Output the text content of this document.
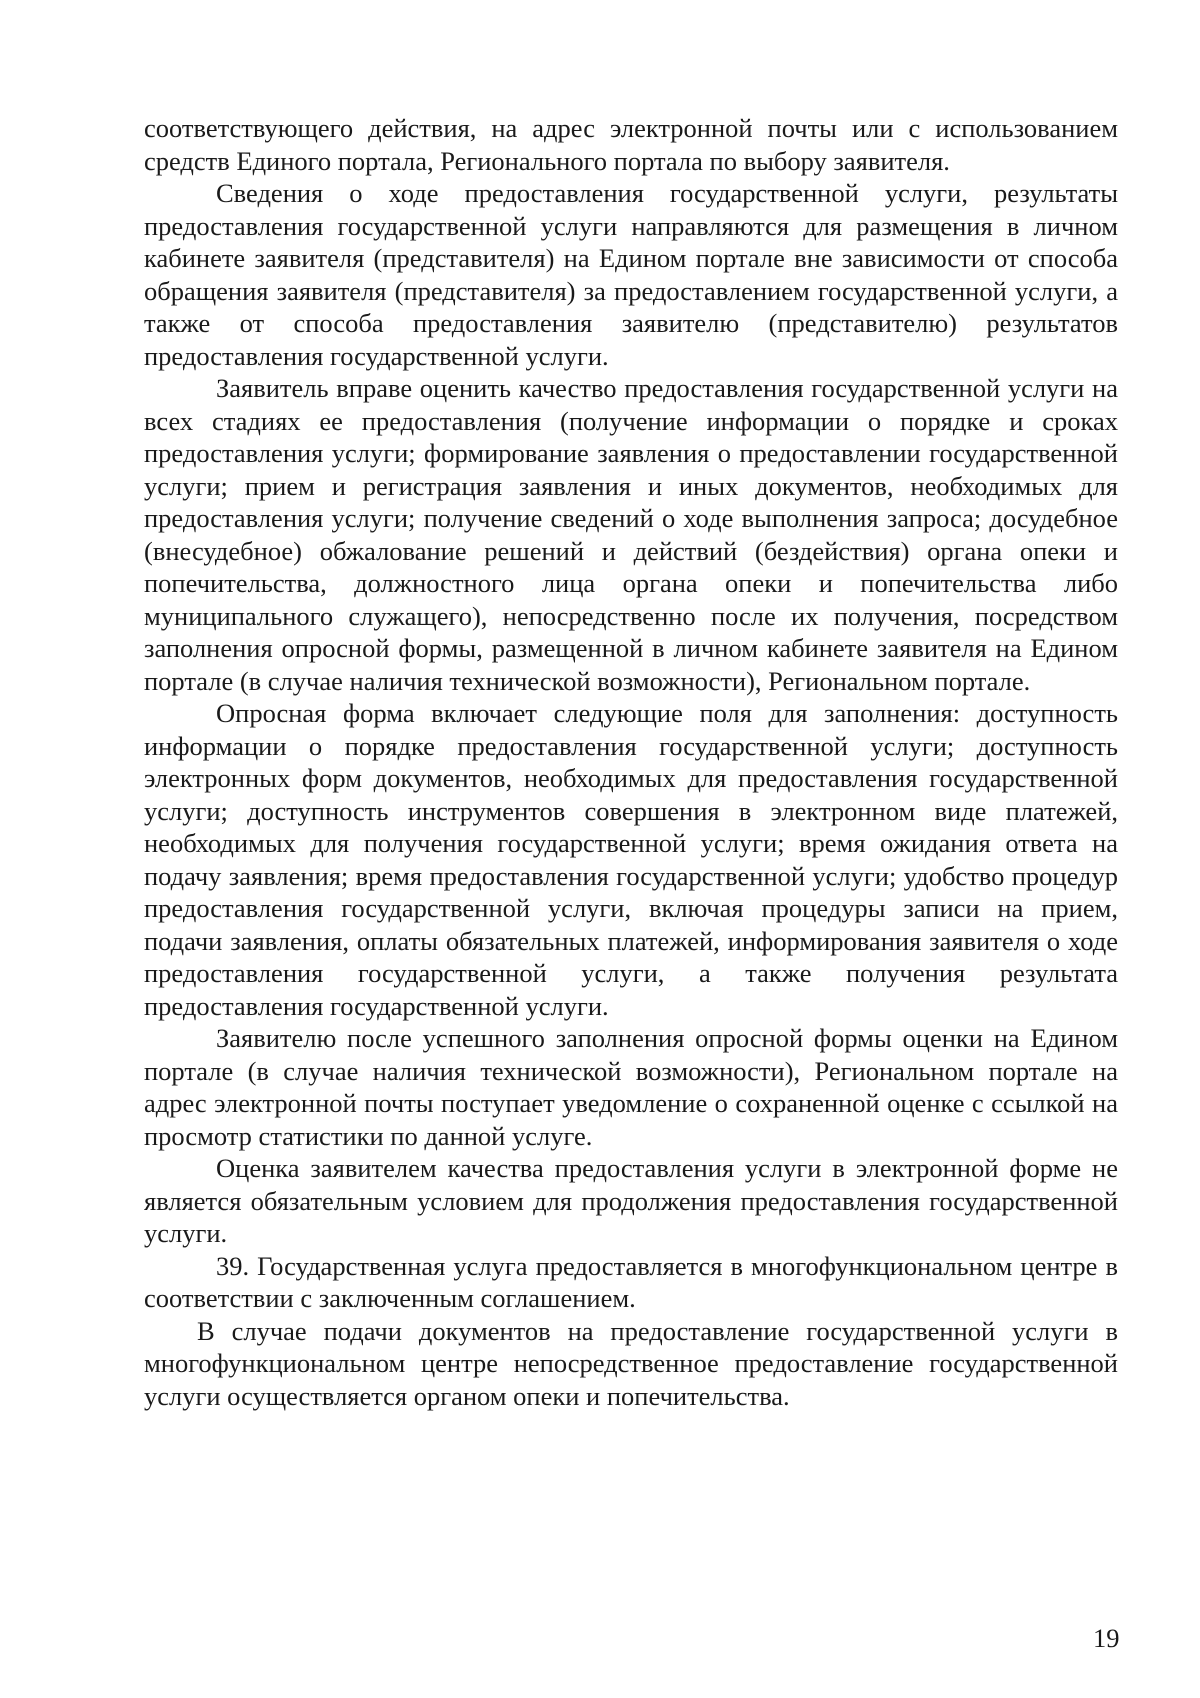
соответствующего действия, на адрес электронной почты или с использованием средств Единого портала, Регионального портала по выбору заявителя.

Сведения о ходе предоставления государственной услуги, результаты предоставления государственной услуги направляются для размещения в личном кабинете заявителя (представителя) на Едином портале вне зависимости от способа обращения заявителя (представителя) за предоставлением государственной услуги, а также от способа предоставления заявителю (представителю) результатов предоставления государственной услуги.

Заявитель вправе оценить качество предоставления государственной услуги на всех стадиях ее предоставления (получение информации о порядке и сроках предоставления услуги; формирование заявления о предоставлении государственной услуги; прием и регистрация заявления и иных документов, необходимых для предоставления услуги; получение сведений о ходе выполнения запроса; досудебное (внесудебное) обжалование решений и действий (бездействия) органа опеки и попечительства, должностного лица органа опеки и попечительства либо муниципального служащего), непосредственно после их получения, посредством заполнения опросной формы, размещенной в личном кабинете заявителя на Едином портале (в случае наличия технической возможности), Региональном портале.

Опросная форма включает следующие поля для заполнения: доступность информации о порядке предоставления государственной услуги; доступность электронных форм документов, необходимых для предоставления государственной услуги; доступность инструментов совершения в электронном виде платежей, необходимых для получения государственной услуги; время ожидания ответа на подачу заявления; время предоставления государственной услуги; удобство процедур предоставления государственной услуги, включая процедуры записи на прием, подачи заявления, оплаты обязательных платежей, информирования заявителя о ходе предоставления государственной услуги, а также получения результата предоставления государственной услуги.

Заявителю после успешного заполнения опросной формы оценки на Едином портале (в случае наличия технической возможности), Региональном портале на адрес электронной почты поступает уведомление о сохраненной оценке с ссылкой на просмотр статистики по данной услуге.

Оценка заявителем качества предоставления услуги в электронной форме не является обязательным условием для продолжения предоставления государственной услуги.

39. Государственная услуга предоставляется в многофункциональном центре в соответствии с заключенным соглашением.

В случае подачи документов на предоставление государственной услуги в многофункциональном центре непосредственное предоставление государственной услуги осуществляется органом опеки и попечительства.

19
